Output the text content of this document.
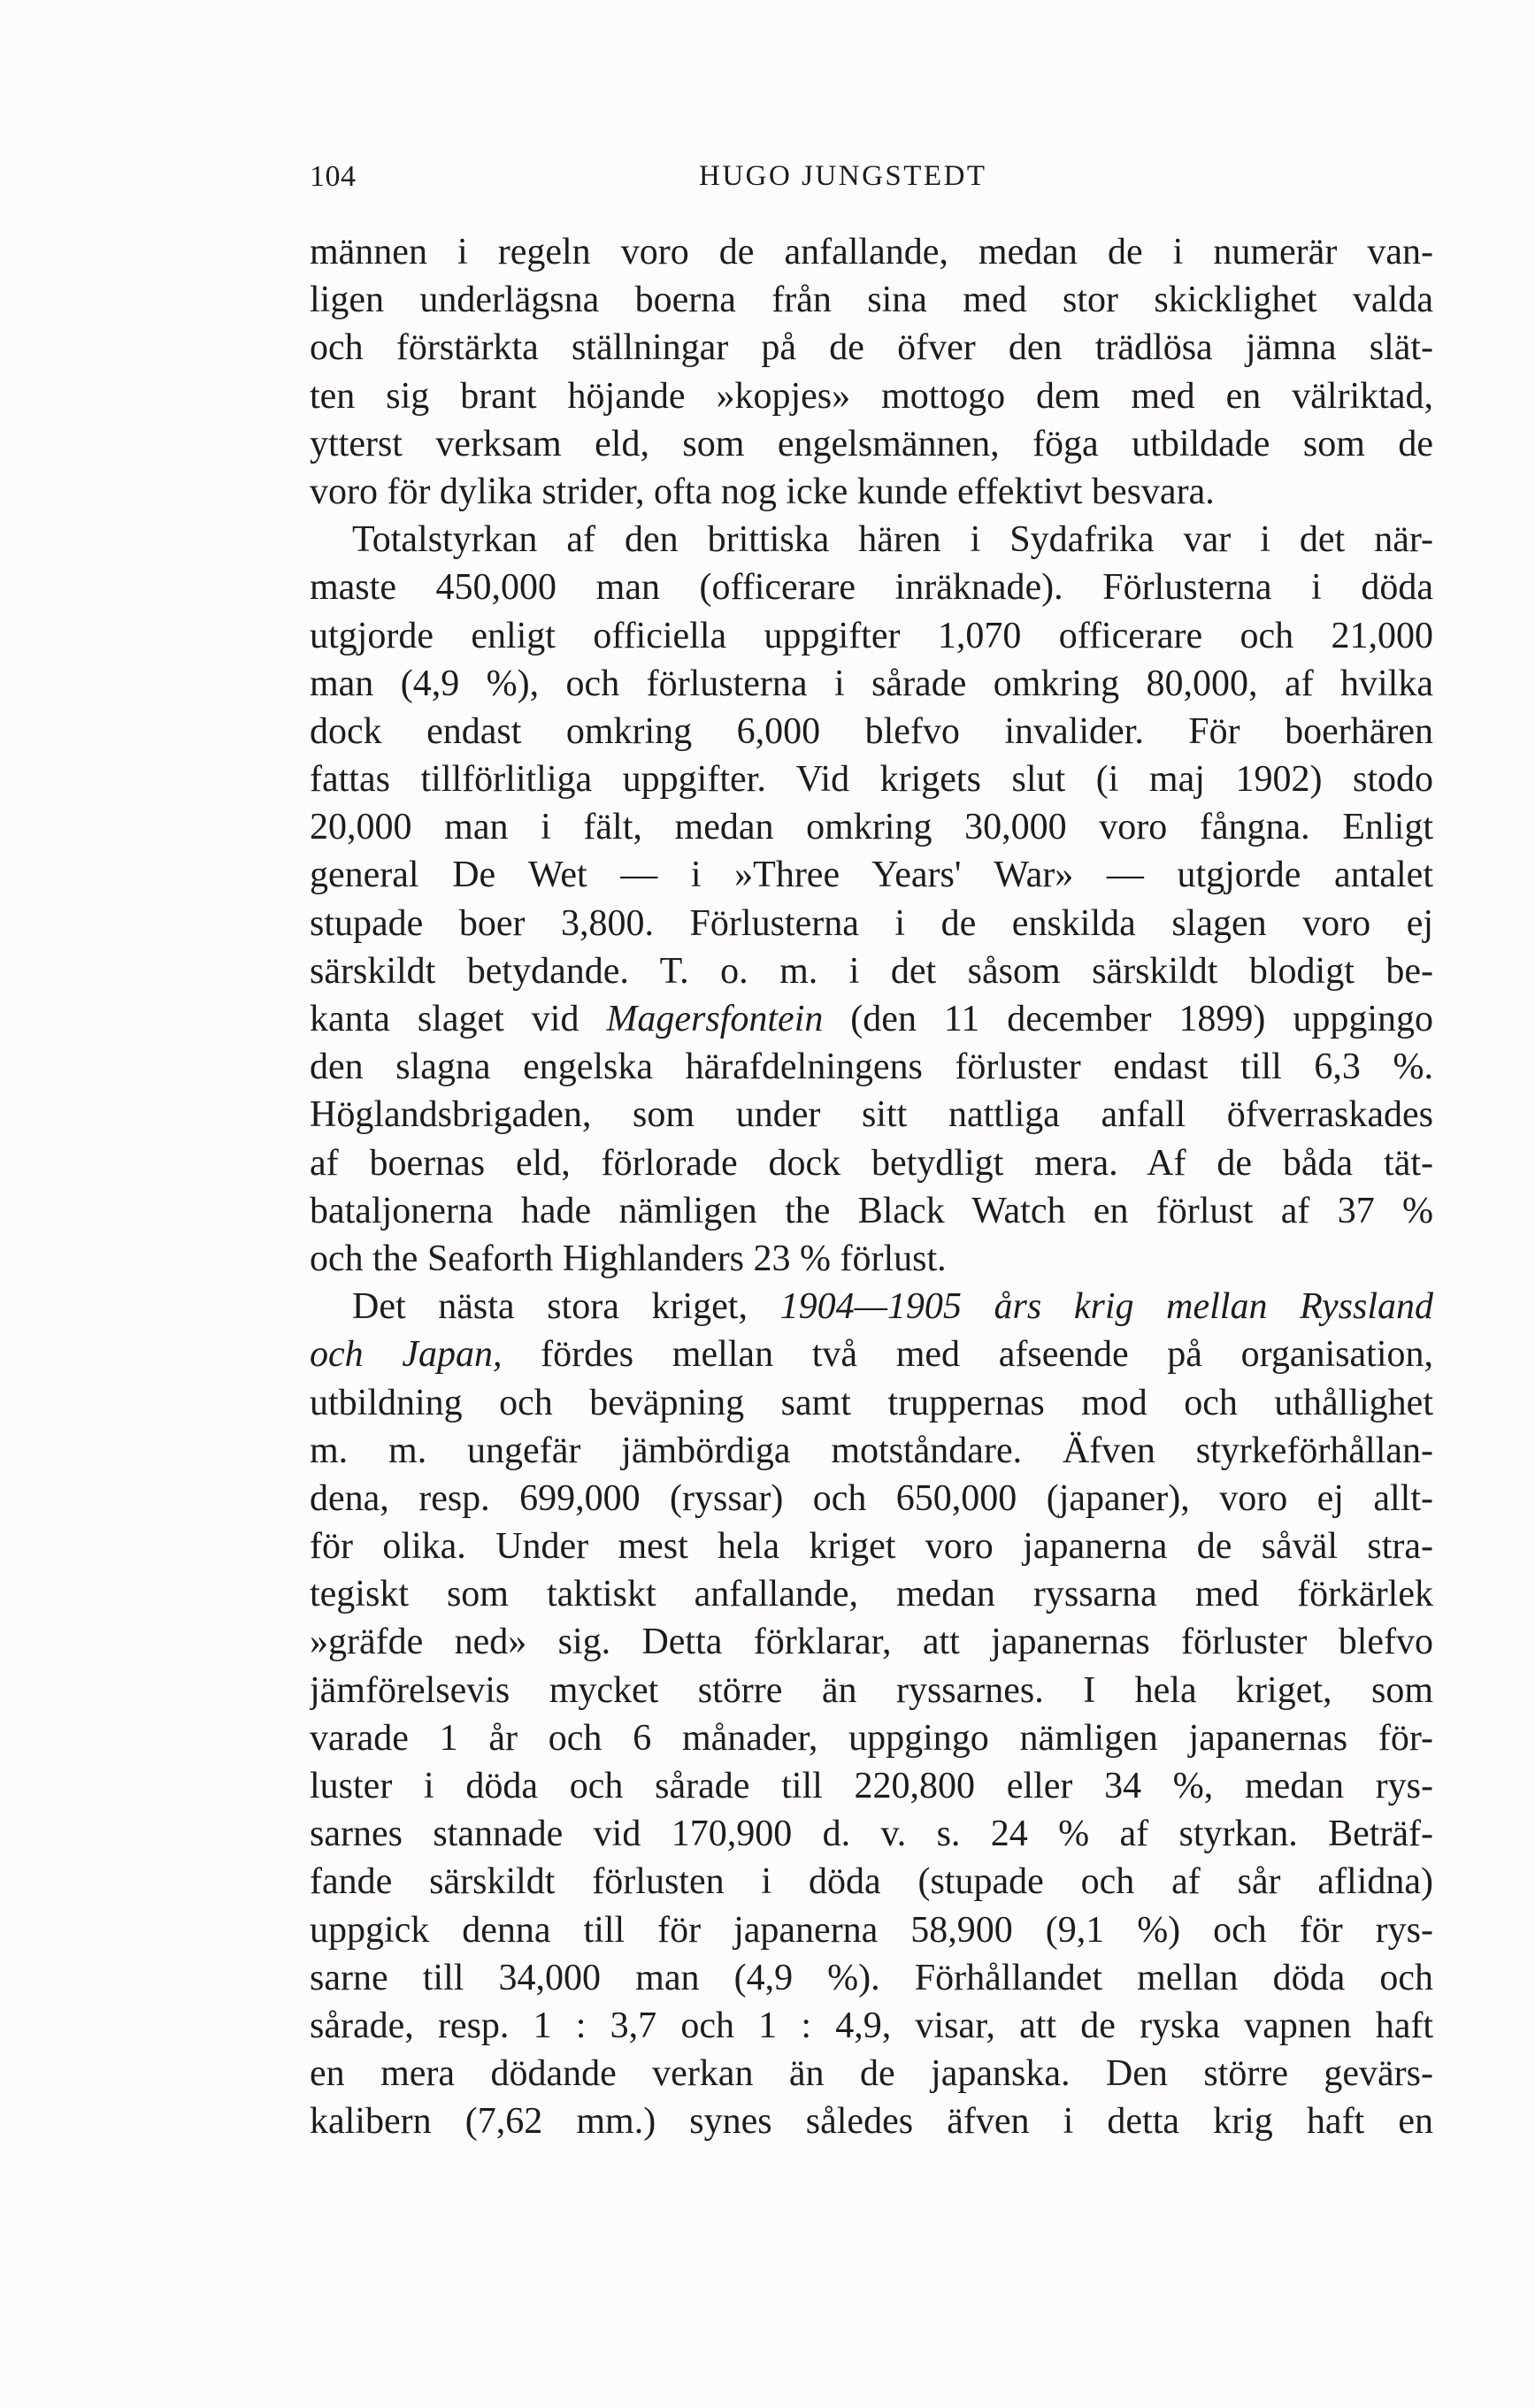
104	HUGO JUNGSTEDT
männen i regeln voro de anfallande, medan de i numerär van-
ligen underlägsna boerna från sina med stor skicklighet valda
och förstärkta ställningar på de öfver den trädlösa jämna slät-
ten sig brant höjande »kopjes» mottogo dem med en välriktad,
ytterst verksam eld, som engelsmännen, föga utbildade som de
voro för dylika strider, ofta nog icke kunde effektivt besvara.
Totalstyrkan af den brittiska hären i Sydafrika var i det när-
maste 450,000 man (officerare inräknade). Förlusterna i döda
utgjorde enligt officiella uppgifter 1,070 officerare och 21,000
man (4,9 %), och förlusterna i sårade omkring 80,000, af hvilka
dock endast omkring 6,000 blefvo invalider. För boerhären
fattas tillförlitliga uppgifter. Vid krigets slut (i maj 1902) stodo
20,000 man i fält, medan omkring 30,000 voro fångna. Enligt
general De Wet — i »Three Years' War» — utgjorde antalet
stupade boer 3,800. Förlusterna i de enskilda slagen voro ej
särskildt betydande. T. o. m. i det såsom särskildt blodigt be-
kanta slaget vid Magersfontein (den 11 december 1899) uppgingo
den slagna engelska härafdelningens förluster endast till 6,3 %.
Höglandsbrigaden, som under sitt nattliga anfall öfverraskades
af boernas eld, förlorade dock betydligt mera. Af de båda tät-
bataljonerna hade nämligen the Black Watch en förlust af 37 %
och the Seaforth Highlanders 23 % förlust.
Det nästa stora kriget, 1904—1905 års krig mellan Ryssland
och Japan, fördes mellan två med afseende på organisation,
utbildning och beväpning samt truppernas mod och uthållighet
m. m. ungefär jämbördiga motståndare. Äfven styrkeförhållan-
dena, resp. 699,000 (ryssar) och 650,000 (japaner), voro ej allt-
för olika. Under mest hela kriget voro japanerna de såväl stra-
tegiskt som taktiskt anfallande, medan ryssarna med förkärlek
»gräfde ned» sig. Detta förklarar, att japanernas förluster blefvo
jämförelsevis mycket större än ryssarnes. I hela kriget, som
varade 1 år och 6 månader, uppgingo nämligen japanernas för-
luster i döda och sårade till 220,800 eller 34 %, medan rys-
sarnes stannade vid 170,900 d. v. s. 24 % af styrkan. Beträf-
fande särskildt förlusten i döda (stupade och af sår aflidna)
uppgick denna till för japanerna 58,900 (9,1 %) och för rys-
sarne till 34,000 man (4,9 %). Förhållandet mellan döda och
sårade, resp. 1 : 3,7 och 1 : 4,9, visar, att de ryska vapnen haft
en mera dödande verkan än de japanska. Den större gevärs-
kalibern (7,62 mm.) synes således äfven i detta krig haft en
